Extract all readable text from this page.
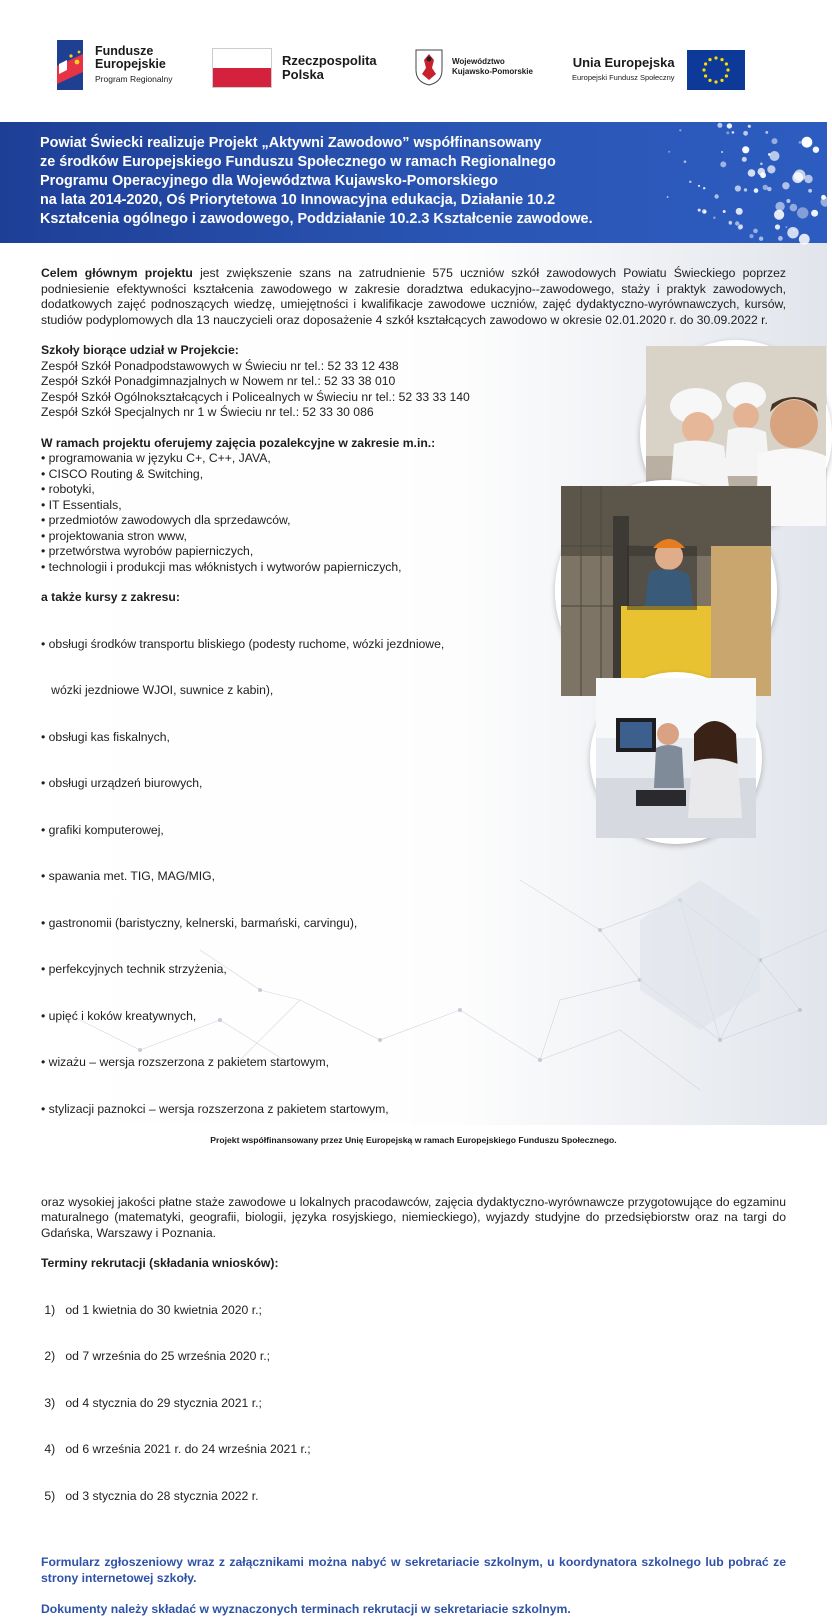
Fundusze
Europejskie
Program Regionalny
Rzeczpospolita
Polska
Województwo
Kujawsko-Pomorskie
Unia Europejska
Europejski Fundusz Społeczny
Powiat Świecki realizuje Projekt „Aktywni Zawodowo” współfinansowany
ze środków Europejskiego Funduszu Społecznego w ramach Regionalnego
Programu Operacyjnego dla Województwa Kujawsko-Pomorskiego
na lata 2014-2020, Oś Priorytetowa 10 Innowacyjna edukacja, Działanie 10.2
Kształcenia ogólnego i zawodowego, Poddziałanie 10.2.3 Kształcenie zawodowe.

Celem głównym projektu jest zwiększenie szans na zatrudnienie 575 uczniów szkół zawodowych Powiatu Świeckiego poprzez podniesienie efektywności kształcenia zawodowego w zakresie doradztwa edukacyjno--zawodowego, staży i praktyk zawodowych, dodatkowych zajęć podnoszących wiedzę, umiejętności i kwalifikacje zawodowe uczniów, zajęć dydaktyczno-wyrównawczych, kursów, studiów podyplomowych dla 13 nauczycieli oraz doposażenie 4 szkół kształcących zawodowo w okresie 02.01.2020 r. do 30.09.2022 r.

Szkoły biorące udział w Projekcie:

Zespół Szkół Ponadpodstawowych w Świeciu nr tel.: 52 33 12 438
Zespół Szkół Ponadgimnazjalnych w Nowem nr tel.: 52 33 38 010
Zespół Szkół Ogólnokształcących i Policealnych w Świeciu nr tel.: 52 33 33 140
Zespół Szkół Specjalnych nr 1 w Świeciu nr tel.: 52 33 30 086

W ramach projektu oferujemy zajęcia pozalekcyjne w zakresie m.in.:

• programowania w języku C+, C++, JAVA,
• CISCO Routing & Switching,
• robotyki,
• IT Essentials,
• przedmiotów zawodowych dla sprzedawców,
• projektowania stron www,
• przetwórstwa wyrobów papierniczych,
• technologii i produkcji mas włóknistych i wytworów papierniczych,

a także kursy z zakresu:

• obsługi środków transportu bliskiego (podesty ruchome, wózki jezdniowe,

wózki jezdniowe WJOI, suwnice z kabin),

• obsługi kas fiskalnych,

• obsługi urządzeń biurowych,

• grafiki komputerowej,

• spawania met. TIG, MAG/MIG,

• gastronomii (baristyczny, kelnerski, barmański, carvingu),

• perfekcyjnych technik strzyżenia,

• upięć i koków kreatywnych,

• wizażu – wersja rozszerzona z pakietem startowym,

• stylizacji paznokci – wersja rozszerzona z pakietem startowym,

oraz wysokiej jakości płatne staże zawodowe u lokalnych pracodawców, zajęcia dydaktyczno-wyrównawcze przygotowujące do egzaminu maturalnego (matematyki, geografii, biologii, języka rosyjskiego, niemieckiego), wyjazdy studyjne do przedsiębiorstw oraz na targi do Gdańska, Warszawy i Poznania.

Terminy rekrutacji (składania wniosków):

1)   od 1 kwietnia do 30 kwietnia 2020 r.;

2)   od 7 września do 25 września 2020 r.;

3)   od 4 stycznia do 29 stycznia 2021 r.;

4)   od 6 września 2021 r. do 24 września 2021 r.;

5)   od 3 stycznia do 28 stycznia 2022 r.

Formularz zgłoszeniowy wraz z załącznikami można nabyć w sekretariacie szkolnym, u koordynatora szkolnego lub pobrać ze strony internetowej szkoły.

Dokumenty należy składać w wyznaczonych terminach rekrutacji w sekretariacie szkolnym.

Projekt współfinansowany przez Unię Europejską w ramach Europejskiego Funduszu Społecznego.
